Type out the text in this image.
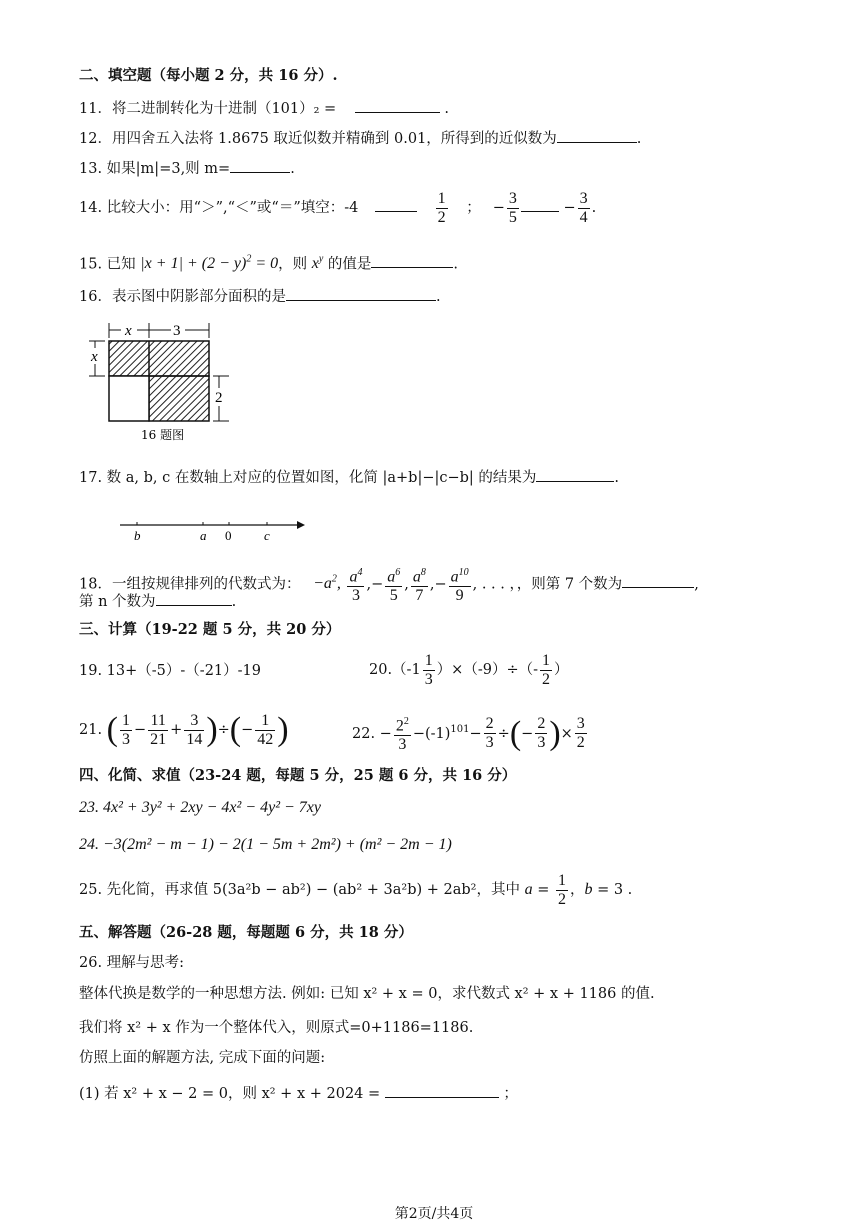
二、填空题（每小题 2 分，共 16 分）.
11．将二进制转化为十进制（101）₂ =	.
12．用四舍五入法将 1.8675 取近似数并精确到 0.01，所得到的近似数为	.
13. 如果|m|=3,则 m=	.
14. 比较大小：用“＞”,“＜”或“＝”填空：-4	$\frac{1}{2}$ ； − $\frac{3}{5}$	− $\frac{3}{4}$ .
15. 已知 $|x + 1| + (2 - y)^2 = 0$，则 $x^y$ 的值是	.
16．表示图中阴影部分面积的是	.
x	3
x
2
16 题图
17. 数 a, b, c 在数轴上对应的位置如图，化简 |a+b|−|c−b| 的结果为	.
b	a 0	c
18．一组按规律排列的代数式为： $-a^2$, $\frac{a^4}{3}$ ,− $\frac{a^6}{5}$ , $\frac{a^8}{7}$ ,− $\frac{a^{10}}{9}$ , . . . ，，则第 7 个数为	,
第 n 个数为	.
三、计算（19-22 题 5 分，共 20 分）
19. 13+（-5）-（-21）-19	$20.(-1 \frac{1}{3} )\times(-9)\div(- \frac{1}{2}$ ）
21. ( $\frac{1}{3} - \frac{11}{21} + \frac{3}{14}$ )÷(− $\frac{1}{42}$ )	22. − $\frac{2^2}{3} -(-1)^{101}- \frac{2}{3}$ ÷(− $\frac{2}{3}$ )× $\frac{3}{2}$
四、化简、求值（23-24 题，每题 5 分，25 题 6 分，共 16 分）
23. 4x² + 3y² + 2xy − 4x² − 4y² − 7xy
24. −3(2m² − m − 1) − 2(1 − 5m + 2m²) + (m² − 2m − 1)
25. 先化简，再求值 5(3a²b − ab²) − (ab² + 3a²b) + 2ab²，其中 $a = \frac{1}{2}$ ，b = 3 .
五、解答题（26-28 题，每题题 6 分，共 18 分）
26. 理解与思考:
整体代换是数学的一种思想方法. 例如: 已知 x² + x = 0，求代数式 x² + x + 1186 的值.
我们将 x² + x 作为一个整体代入，则原式=0+1186=1186.
仿照上面的解题方法, 完成下面的问题:
(1) 若 x² + x − 2 = 0，则 x² + x + 2024 =	；
第2页/共4页
